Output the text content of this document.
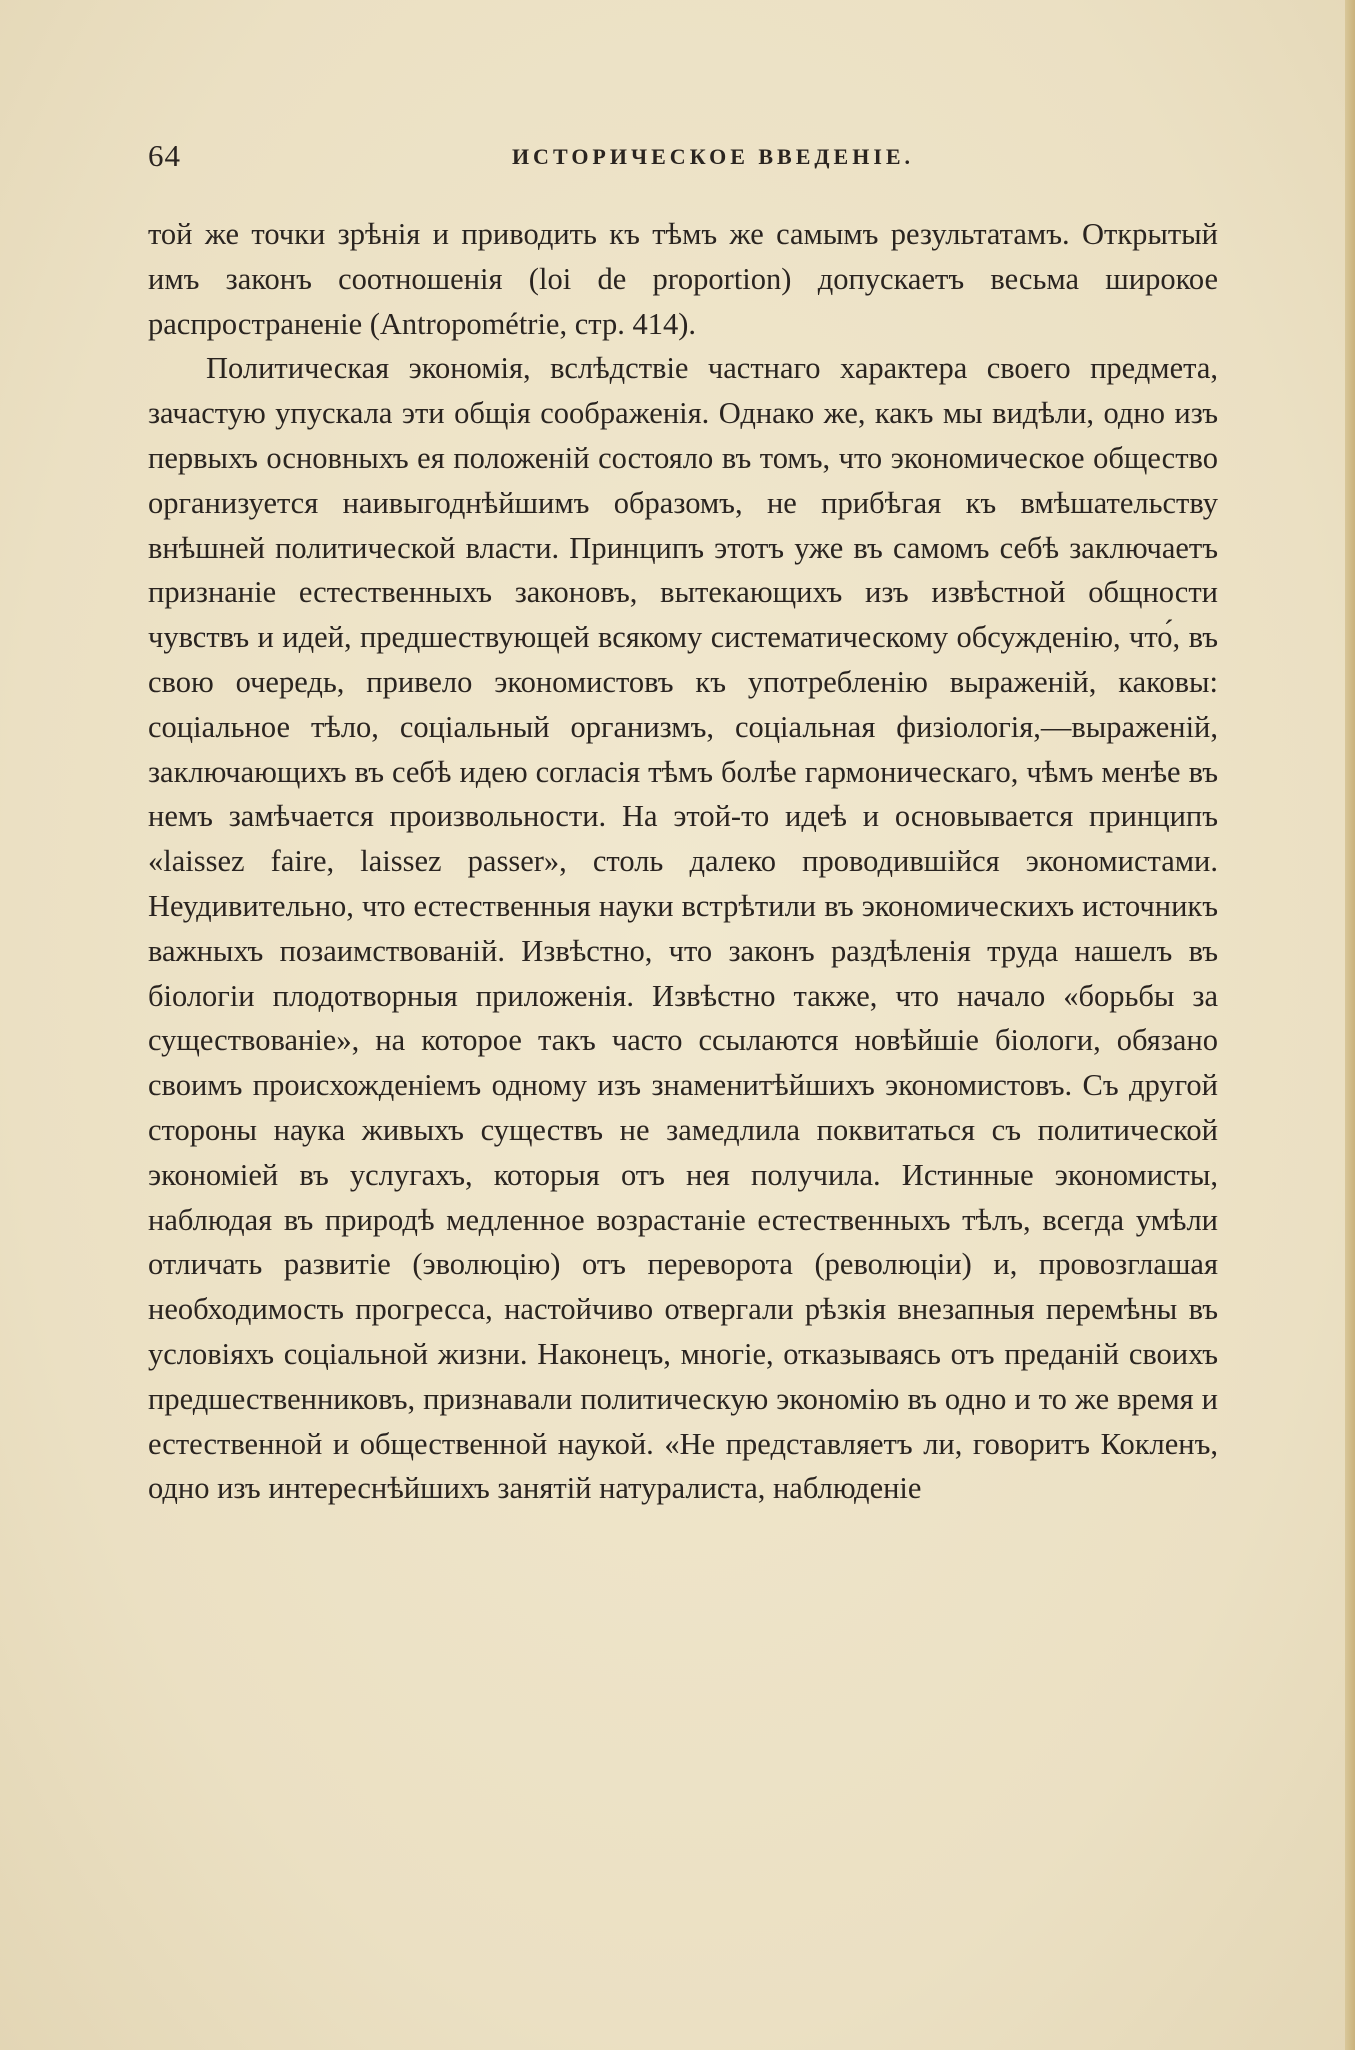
64	ИСТОРИЧЕСКОЕ ВВЕДЕНІЕ.

той же точки зрѣнія и приводить къ тѣмъ же самымъ результатамъ. Открытый имъ законъ соотношенія (loi de proportion) допускаетъ весьма широкое распространеніе (Antropométrie, стр. 414).

Политическая экономія, вслѣдствіе частнаго характера своего предмета, зачастую упускала эти общія соображенія. Однако же, какъ мы видѣли, одно изъ первыхъ основныхъ ея положеній состояло въ томъ, что экономическое общество организуется наивыгоднѣйшимъ образомъ, не прибѣгая къ вмѣшательству внѣшней политической власти. Принципъ этотъ уже въ самомъ себѣ заключаетъ признаніе естественныхъ законовъ, вытекающихъ изъ извѣстной общности чувствъ и идей, предшествующей всякому систематическому обсужденію, что́, въ свою очередь, привело экономистовъ къ употребленію выраженій, каковы: соціальное тѣло, соціальный организмъ, соціальная физіологія,—выраженій, заключающихъ въ себѣ идею согласія тѣмъ болѣе гармоническаго, чѣмъ менѣе въ немъ замѣчается произвольности. На этой-то идеѣ и основывается принципъ «laissez faire, laissez passer», столь далеко проводившійся экономистами. Неудивительно, что естественныя науки встрѣтили въ экономическихъ источникъ важныхъ позаимствованій. Извѣстно, что законъ раздѣленія труда нашелъ въ біологіи плодотворныя приложенія. Извѣстно также, что начало «борьбы за существованіе», на которое такъ часто ссылаются новѣйшіе біологи, обязано своимъ происхожденіемъ одному изъ знаменитѣйшихъ экономистовъ. Съ другой стороны наука живыхъ существъ не замедлила поквитаться съ политической экономіей въ услугахъ, которыя отъ нея получила. Истинные экономисты, наблюдая въ природѣ медленное возрастаніе естественныхъ тѣлъ, всегда умѣли отличать развитіе (эволюцію) отъ переворота (революціи) и, провозглашая необходимость прогресса, настойчиво отвергали рѣзкія внезапныя перемѣны въ условіяхъ соціальной жизни. Наконецъ, многіе, отказываясь отъ преданій своихъ предшественниковъ, признавали политическую экономію въ одно и то же время и естественной и общественной наукой. «Не представляетъ ли, говоритъ Кокленъ, одно изъ интереснѣйшихъ занятій натуралиста, наблюденіе
